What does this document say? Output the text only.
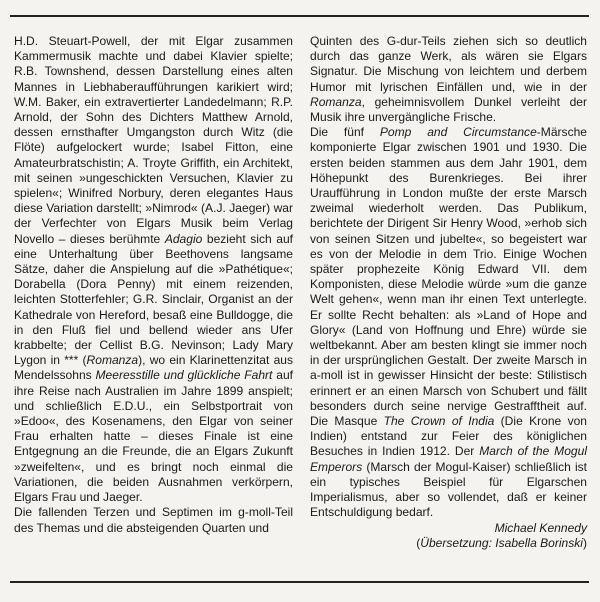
H.D. Steuart-Powell, der mit Elgar zusammen Kammermusik machte und dabei Klavier spielte; R.B. Townshend, dessen Darstellung eines alten Mannes in Liebhaberaufführungen karikiert wird; W.M. Baker, ein extravertierter Landedelmann; R.P. Arnold, der Sohn des Dichters Matthew Arnold, dessen ernsthafter Umgangston durch Witz (die Flöte) aufgelockert wurde; Isabel Fitton, eine Amateurbratschistin; A. Troyte Griffith, ein Architekt, mit seinen »ungeschickten Versuchen, Klavier zu spielen«; Winifred Norbury, deren elegantes Haus diese Variation darstellt; »Nimrod« (A.J. Jaeger) war der Verfechter von Elgars Musik beim Verlag Novello – dieses berühmte Adagio bezieht sich auf eine Unterhaltung über Beethovens langsame Sätze, daher die Anspielung auf die »Pathétique«; Dorabella (Dora Penny) mit einem reizenden, leichten Stotterfehler; G.R. Sinclair, Organist an der Kathedrale von Hereford, besaß eine Bulldogge, die in den Fluß fiel und bellend wieder ans Ufer krabbelte; der Cellist B.G. Nevinson; Lady Mary Lygon in *** (Romanza), wo ein Klarinettenzitat aus Mendelssohns Meeresstille und glückliche Fahrt auf ihre Reise nach Australien im Jahre 1899 anspielt; und schließlich E.D.U., ein Selbstportrait von »Edoo«, des Kosenamens, den Elgar von seiner Frau erhalten hatte – dieses Finale ist eine Entgegnung an die Freunde, die an Elgars Zukunft »zweifelten«, und es bringt noch einmal die Variationen, die beiden Ausnahmen verkörpern, Elgars Frau und Jaeger.

Die fallenden Terzen und Septimen im g-moll-Teil des Themas und die absteigenden Quarten und

Quinten des G-dur-Teils ziehen sich so deutlich durch das ganze Werk, als wären sie Elgars Signatur. Die Mischung von leichtem und derbem Humor mit lyrischen Einfällen und, wie in der Romanza, geheimnisvollem Dunkel verleiht der Musik ihre unvergängliche Frische.

Die fünf Pomp and Circumstance-Märsche komponierte Elgar zwischen 1901 und 1930. Die ersten beiden stammen aus dem Jahr 1901, dem Höhepunkt des Burenkrieges. Bei ihrer Uraufführung in London mußte der erste Marsch zweimal wiederholt werden. Das Publikum, berichtete der Dirigent Sir Henry Wood, »erhob sich von seinen Sitzen und jubelte«, so begeistert war es von der Melodie in dem Trio. Einige Wochen später prophezeite König Edward VII. dem Komponisten, diese Melodie würde »um die ganze Welt gehen«, wenn man ihr einen Text unterlegte. Er sollte Recht behalten: als »Land of Hope and Glory« (Land von Hoffnung und Ehre) würde sie weltbekannt. Aber am besten klingt sie immer noch in der ursprünglichen Gestalt. Der zweite Marsch in a-moll ist in gewisser Hinsicht der beste: Stilistisch erinnert er an einen Marsch von Schubert und fällt besonders durch seine nervige Gestrafftheit auf. Die Masque The Crown of India (Die Krone von Indien) entstand zur Feier des königlichen Besuches in Indien 1912. Der March of the Mogul Emperors (Marsch der Mogul-Kaiser) schließlich ist ein typisches Beispiel für Elgarschen Imperialismus, aber so vollendet, daß er keiner Entschuldigung bedarf.

Michael Kennedy

(Übersetzung: Isabella Borinski)
